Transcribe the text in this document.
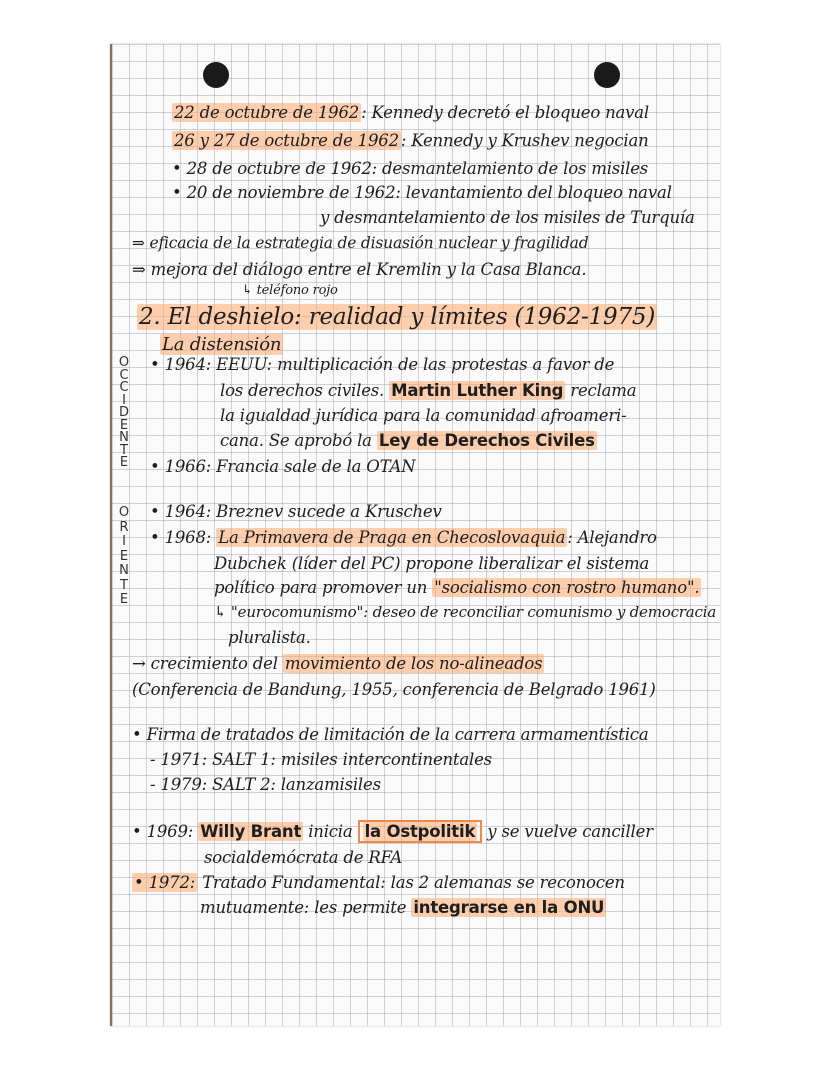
22 de octubre de 1962 : Kennedy decretó el bloqueo naval
26 y 27 de octubre de 1962 : Kennedy y Krushev negocian
• 28 de octubre de 1962: desmantelamiento de los misiles
• 20 de noviembre de 1962: levantamiento del bloqueo naval
y desmantelamiento de los misiles de Turquía
⇒ eficacia de la estrategia de disuasión nuclear y fragilidad
⇒ mejora del diálogo entre el Kremlin y la Casa Blanca.
↳ teléfono rojo
2. El deshielo: realidad y límites (1962-1975)
La distensión
O
C
C
I
D
E
N
T
E
O
R
I
E
N
T
E
• 1964: EEUU: multiplicación de las protestas a favor de
los derechos civiles. Martin Luther King reclama
la igualdad jurídica para la comunidad afroameri-
cana. Se aprobó la Ley de Derechos Civiles
• 1966: Francia sale de la OTAN
• 1964: Breznev sucede a Kruschev
• 1968: La Primavera de Praga en Checoslovaquia : Alejandro
Dubchek (líder del PC) propone liberalizar el sistema
político para promover un "socialismo con rostro humano".
↳ "eurocomunismo": deseo de reconciliar comunismo y democracia
pluralista.
→ crecimiento del movimiento de los no-alineados
(Conferencia de Bandung, 1955, conferencia de Belgrado 1961)
• Firma de tratados de limitación de la carrera armamentística
- 1971: SALT 1: misiles intercontinentales
- 1979: SALT 2: lanzamisiles
• 1969: Willy Brant inicia la Ostpolitik y se vuelve canciller
socialdemócrata de RFA
• 1972: Tratado Fundamental: las 2 alemanas se reconocen
mutuamente: les permite integrarse en la ONU
